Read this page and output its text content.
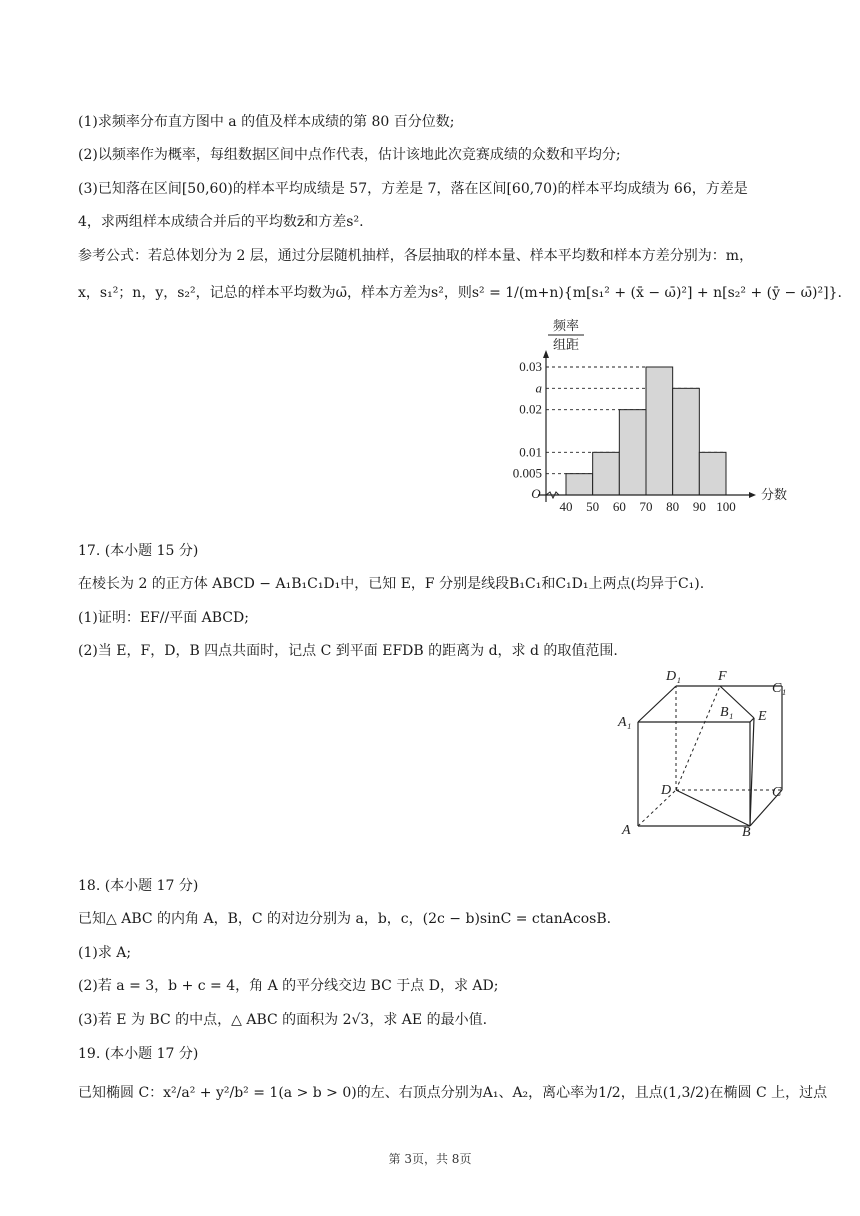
(1)求频率分布直方图中 a 的值及样本成绩的第 80 百分位数;
(2)以频率作为概率，每组数据区间中点作代表，估计该地此次竞赛成绩的众数和平均分;
(3)已知落在区间[50,60)的样本平均成绩是 57，方差是 7，落在区间[60,70)的样本平均成绩为 66，方差是
4，求两组样本成绩合并后的平均数z̄和方差s².
参考公式：若总体划分为 2 层，通过分层随机抽样，各层抽取的样本量、样本平均数和样本方差分别为：m，
x，s₁²；n，y，s₂²，记总的样本平均数为ω̄，样本方差为s²，则s² = 1/(m+n){m[s₁² + (x̄ − ω̄)²] + n[s₂² + (ȳ − ω̄)²]}.
频率
组距
O	分数
0.03
a
0.02
0.01
0.005
40 50 60 70 80 90 100
17. (本小题 15 分)
在棱长为 2 的正方体 ABCD − A₁B₁C₁D₁中，已知 E，F 分别是线段B₁C₁和C₁D₁上两点(均异于C₁).
(1)证明：EF//平面 ABCD;
(2)当 E，F，D，B 四点共面时，记点 C 到平面 EFDB 的距离为 d，求 d 的取值范围.
D₁	F
C₁
A₁
B₁ E
D	C
A	B
18. (本小题 17 分)
已知△ ABC 的内角 A，B，C 的对边分别为 a，b，c，(2c − b)sinC = ctanAcosB.
(1)求 A;
(2)若 a = 3，b + c = 4，角 A 的平分线交边 BC 于点 D，求 AD;
(3)若 E 为 BC 的中点，△ ABC 的面积为 2√3，求 AE 的最小值.
19. (本小题 17 分)
已知椭圆 C：x²/a² + y²/b² = 1(a > b > 0)的左、右顶点分别为A₁、A₂，离心率为1/2，且点(1,3/2)在椭圆 C 上，过点
第 3页，共 8页
